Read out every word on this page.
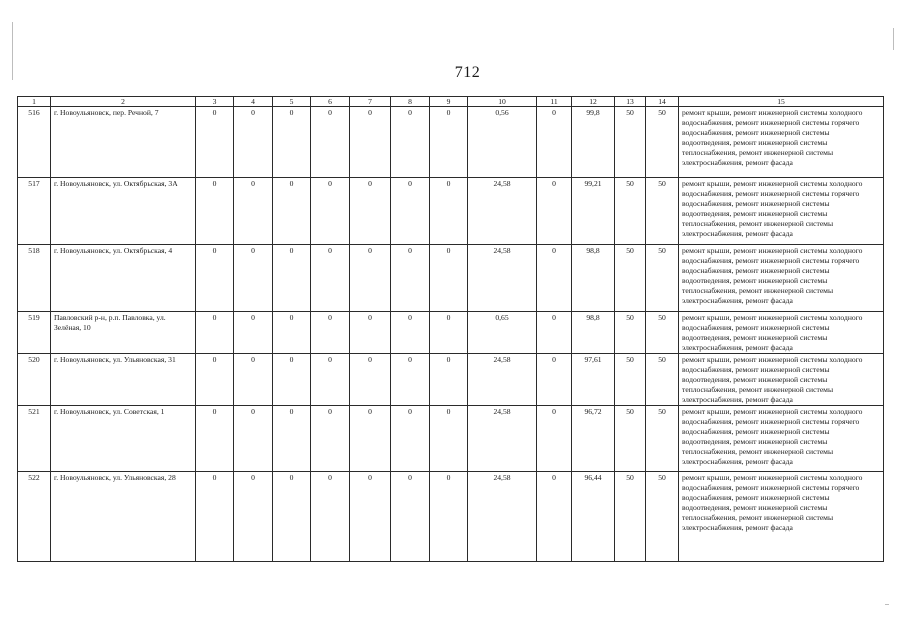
712
1	2	3	4	5	6	7	8	9	10	11	12	13	14	15
516	г. Новоульяновск, пер. Речной, 7	0	0	0	0	0	0	0	0,56	0	99,8	50	50	ремонт крыши, ремонт инженерной системы холодного водоснабжения, ремонт инженерной системы горячего водоснабжения, ремонт инженерной системы водоотведения, ремонт инженерной системы теплоснабжения, ремонт инженерной системы электроснабжения, ремонт фасада
517	г. Новоульяновск, ул. Октябрьская, 3А	0	0	0	0	0	0	0	24,58	0	99,21	50	50	ремонт крыши, ремонт инженерной системы холодного водоснабжения, ремонт инженерной системы горячего водоснабжения, ремонт инженерной системы водоотведения, ремонт инженерной системы теплоснабжения, ремонт инженерной системы электроснабжения, ремонт фасада
518	г. Новоульяновск, ул. Октябрьская, 4	0	0	0	0	0	0	0	24,58	0	98,8	50	50	ремонт крыши, ремонт инженерной системы холодного водоснабжения, ремонт инженерной системы горячего водоснабжения, ремонт инженерной системы водоотведения, ремонт инженерной системы теплоснабжения, ремонт инженерной системы электроснабжения, ремонт фасада
519	Павловский р-н, р.п. Павловка, ул. Зелёная, 10	0	0	0	0	0	0	0	0,65	0	98,8	50	50	ремонт крыши, ремонт инженерной системы холодного водоснабжения, ремонт инженерной системы водоотведения, ремонт инженерной системы электроснабжения, ремонт фасада
520	г. Новоульяновск, ул. Ульяновская, 31	0	0	0	0	0	0	0	24,58	0	97,61	50	50	ремонт крыши, ремонт инженерной системы холодного водоснабжения, ремонт инженерной системы водоотведения, ремонт инженерной системы теплоснабжения, ремонт инженерной системы электроснабжения, ремонт фасада
521	г. Новоульяновск, ул. Советская, 1	0	0	0	0	0	0	0	24,58	0	96,72	50	50	ремонт крыши, ремонт инженерной системы холодного водоснабжения, ремонт инженерной системы горячего водоснабжения, ремонт инженерной системы водоотведения, ремонт инженерной системы теплоснабжения, ремонт инженерной системы электроснабжения, ремонт фасада
522	г. Новоульяновск, ул. Ульяновская, 28	0	0	0	0	0	0	0	24,58	0	96,44	50	50	ремонт крыши, ремонт инженерной системы холодного водоснабжения, ремонт инженерной системы горячего водоснабжения, ремонт инженерной системы водоотведения, ремонт инженерной системы теплоснабжения, ремонт инженерной системы электроснабжения, ремонт фасада
